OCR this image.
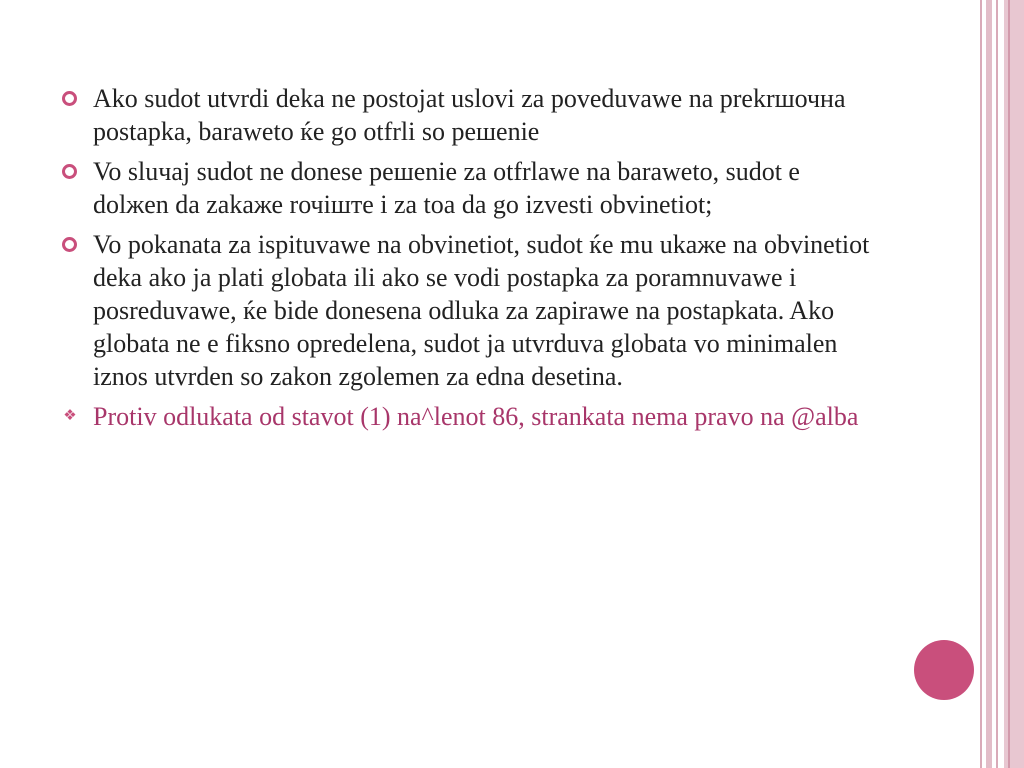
Ako sudot utvrdi deka ne postojat uslovi za poveduvawe na prekrшочна postapka, baraweto ќe go otfrli so решenie
Vo sluчај sudot ne donese решenie za otfrlawe na baraweto, sudot e dolжen da zakaже rочiште i za toa da go izvesti obvinetiot;
Vo pokanata za ispituvawe na obvinetiot, sudot ќe mu ukaже na obvinetiot deka ako ja plati globata ili ako se vodi postapka za poramnuvawe i posreduvawe, ќe bide donesena odluka za zapirawe na postapkata. Ako globata ne e fiksno opredelena, sudot ja utvrduva globata vo minimalen iznos utvrden so zakon zgolemen za edna desetina.
❖ Protiv odlukata od stavot (1) na^lenot 86, strankata nema pravo na @alba
